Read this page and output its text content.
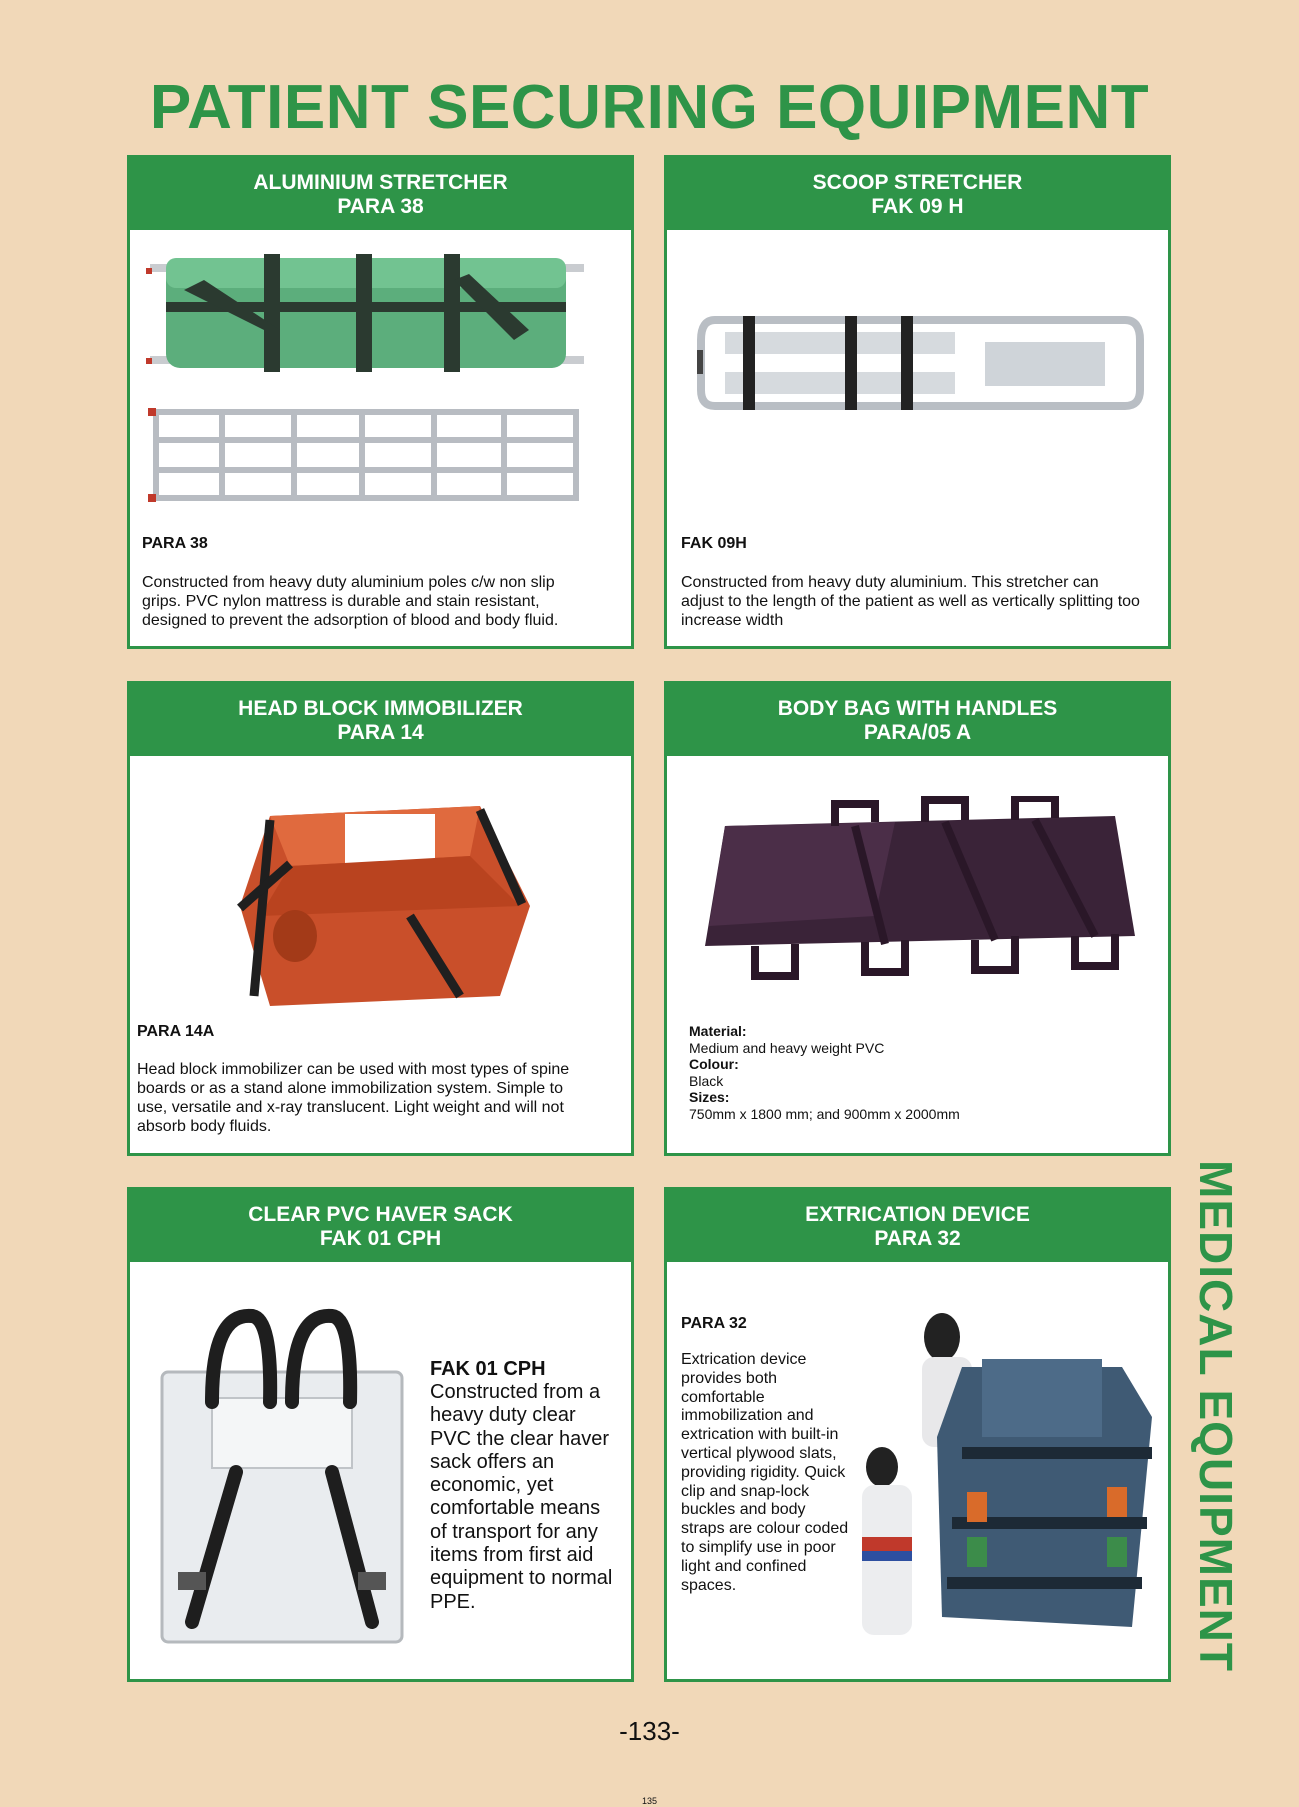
PATIENT SECURING EQUIPMENT
ALUMINIUM STRETCHER
PARA 38
PARA 38
Constructed from heavy duty aluminium poles c/w non slip grips. PVC nylon mattress is durable and stain resistant, designed to prevent the adsorption of blood and body fluid.
SCOOP STRETCHER
FAK 09 H
FAK 09H
Constructed from heavy duty aluminium. This stretcher can adjust to the length of the patient as well as vertically splitting too increase width
HEAD BLOCK IMMOBILIZER
PARA 14
PARA 14A
Head block immobilizer can be used with most types of spine boards or as a stand alone immobilization system. Simple to use, versatile and x-ray translucent. Light weight and will not absorb body fluids.
BODY BAG WITH HANDLES
PARA/05 A
Material:
Medium and heavy weight PVC
Colour:
Black
Sizes:
750mm x 1800 mm; and 900mm x 2000mm
CLEAR PVC HAVER SACK
FAK 01 CPH
FAK 01 CPH
Constructed from a heavy duty clear PVC the clear haver sack offers an economic, yet comfortable means of transport for any items from first aid equipment to normal PPE.
EXTRICATION DEVICE
PARA 32
PARA 32
Extrication device provides both comfortable immobilization and extrication with built-in vertical plywood slats, providing rigidity. Quick clip and snap-lock buckles and body straps are colour coded to simplify use in poor light and confined spaces.	MEDICAL EQUIPMENT
-133-
135
